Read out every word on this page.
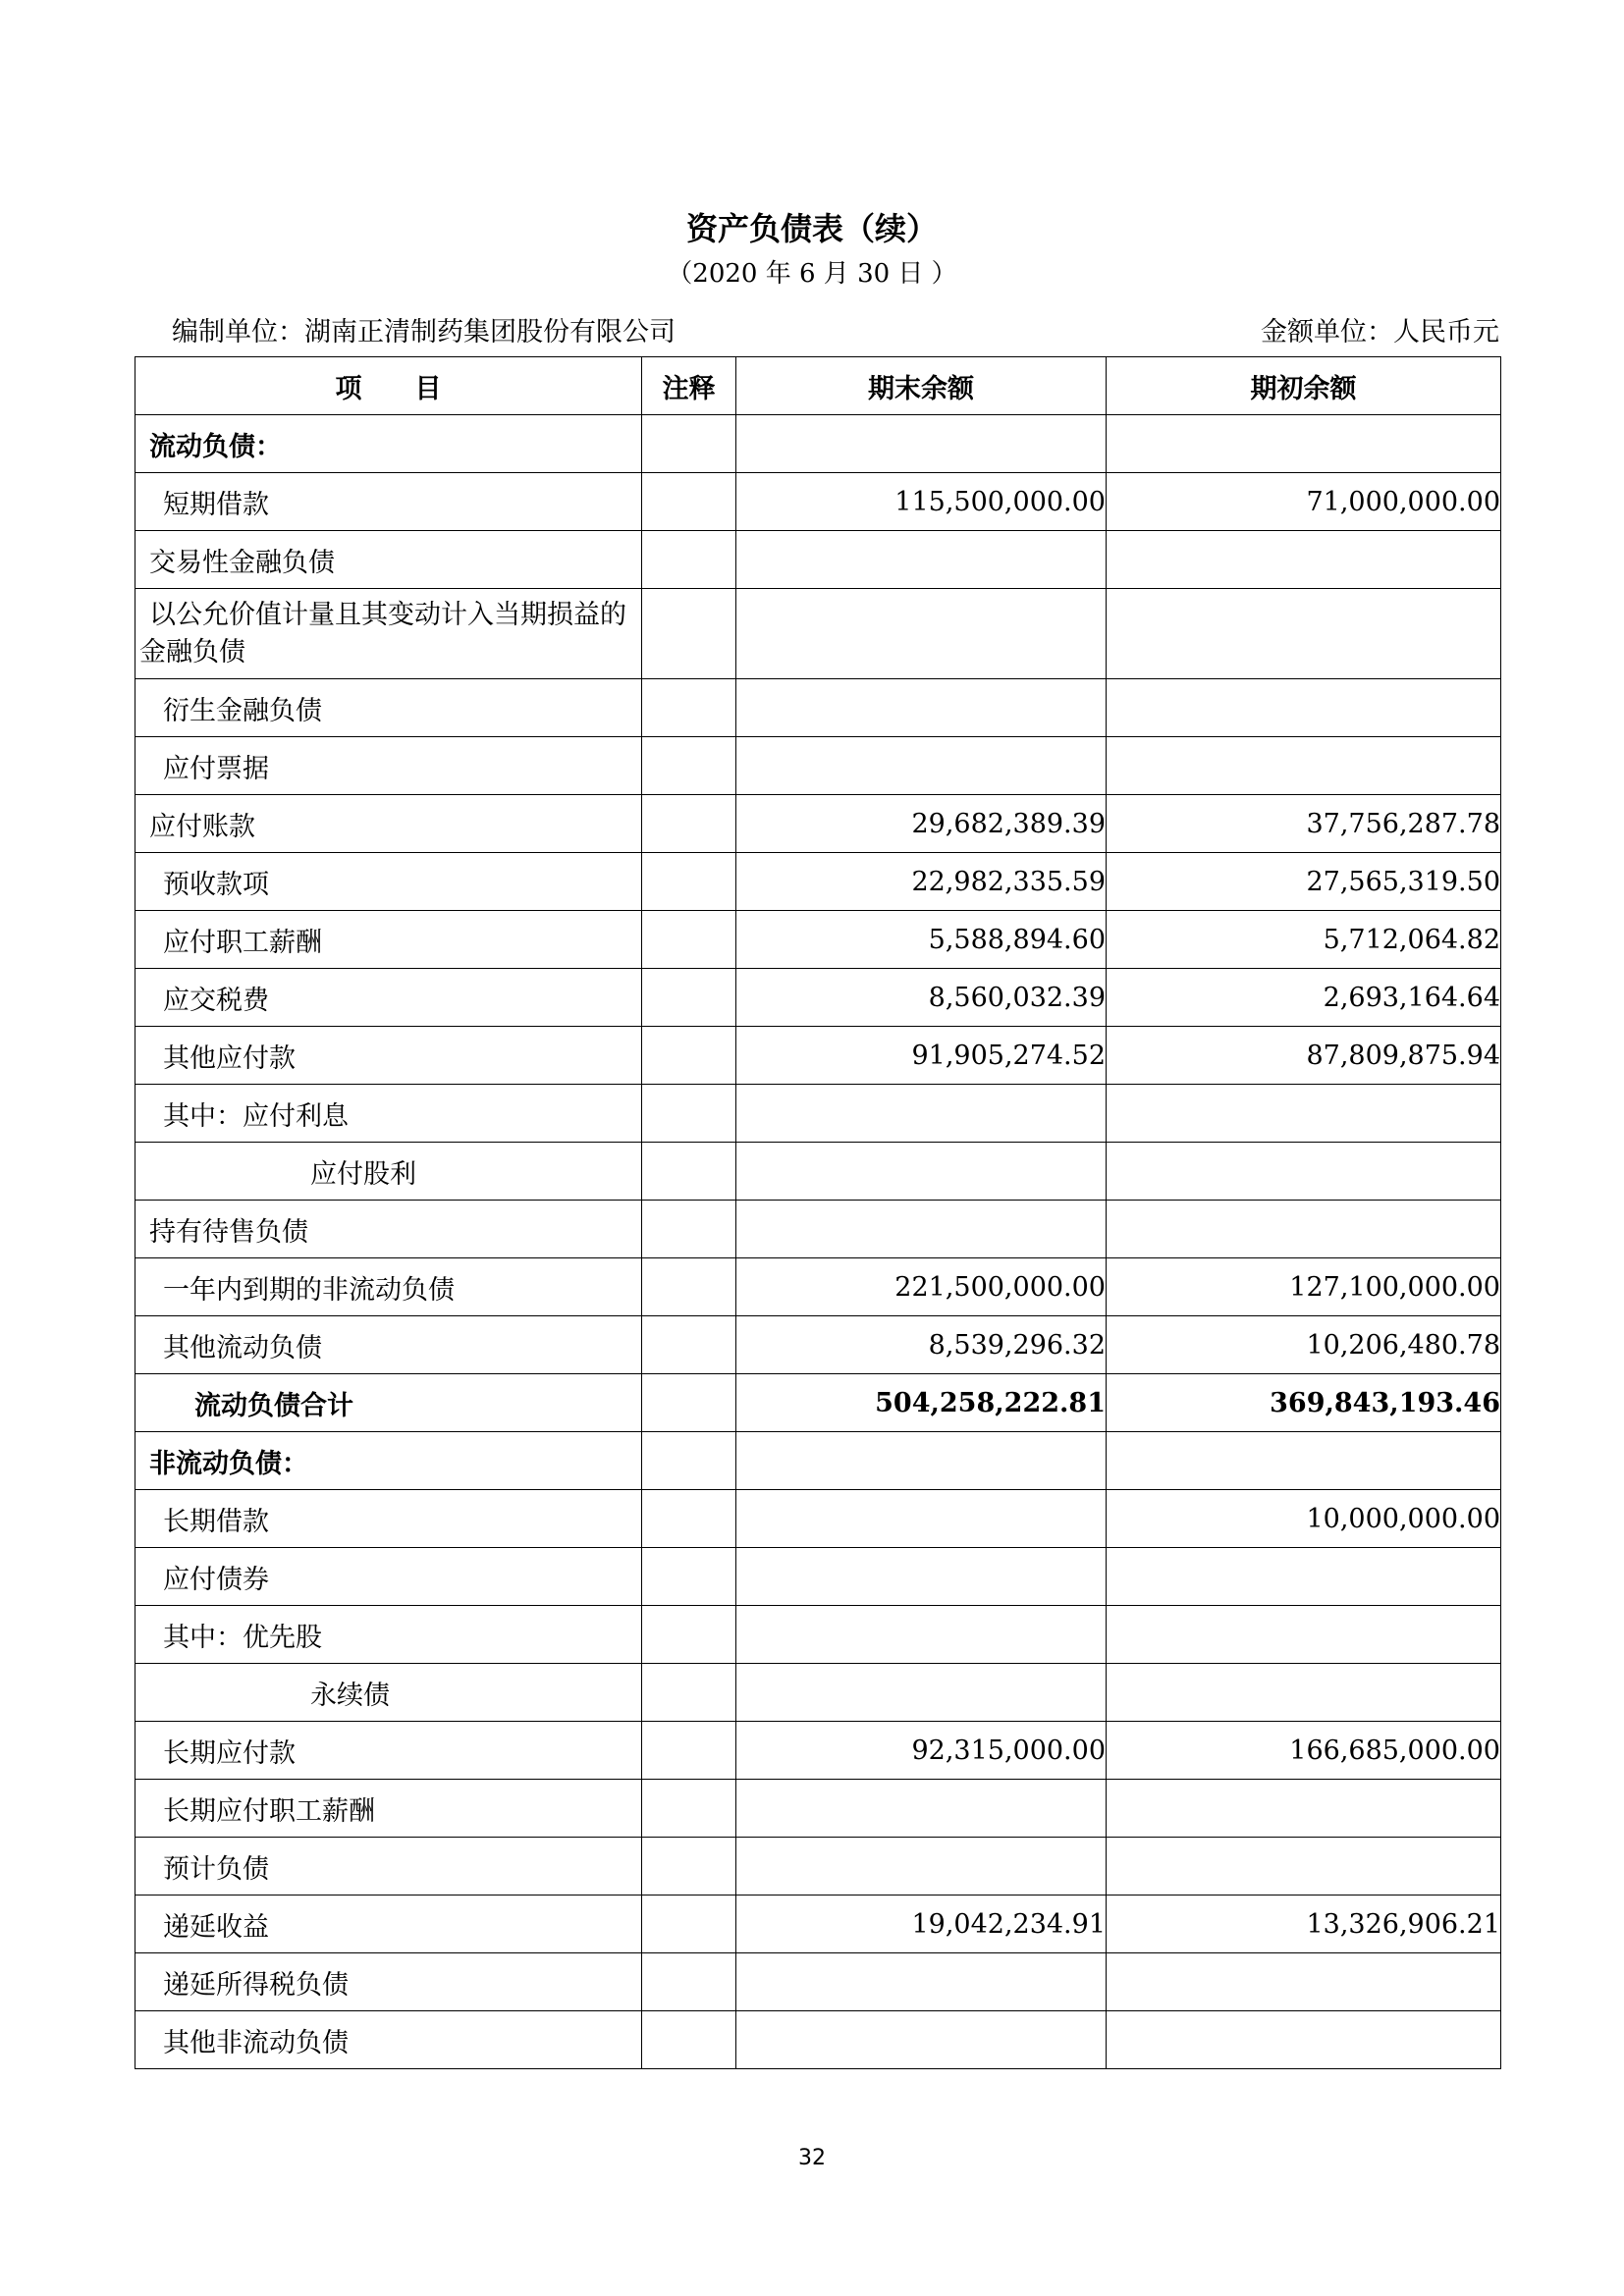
资产负债表（续）
（2020 年 6 月 30 日 ）
编制单位：湖南正清制药集团股份有限公司	金额单位：人民币元
项　　目	注释	期末余额	期初余额
流动负债：			
短期借款		115,500,000.00	71,000,000.00
交易性金融负债			
以公允价值计量且其变动计入当期损益的金融负债			
衍生金融负债			
应付票据			
应付账款		29,682,389.39	37,756,287.78
预收款项		22,982,335.59	27,565,319.50
应付职工薪酬		5,588,894.60	5,712,064.82
应交税费		8,560,032.39	2,693,164.64
其他应付款		91,905,274.52	87,809,875.94
其中：应付利息			
应付股利			
持有待售负债			
一年内到期的非流动负债		221,500,000.00	127,100,000.00
其他流动负债		8,539,296.32	10,206,480.78
流动负债合计		504,258,222.81	369,843,193.46
非流动负债：			
长期借款			10,000,000.00
应付债券			
其中：优先股			
永续债			
长期应付款		92,315,000.00	166,685,000.00
长期应付职工薪酬			
预计负债			
递延收益		19,042,234.91	13,326,906.21
递延所得税负债			
其他非流动负债			
32
